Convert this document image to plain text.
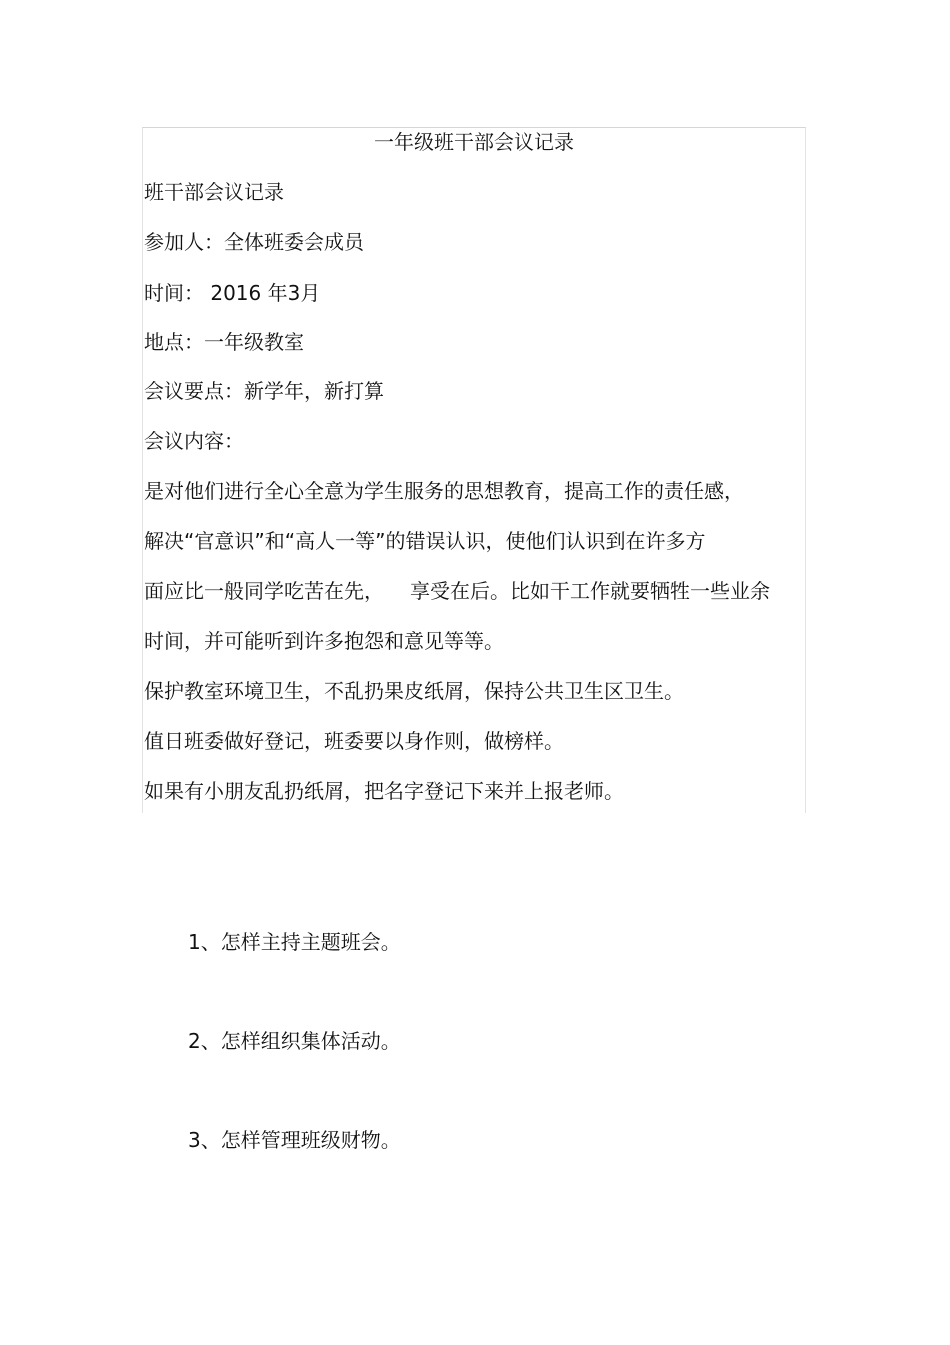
一年级班干部会议记录
班干部会议记录
参加人：全体班委会成员
时间： 2016 年3月
地点：一年级教室
会议要点：新学年，新打算
会议内容：
是对他们进行全心全意为学生服务的思想教育，提高工作的责任感，
解决“官意识”和“高人一等”的错误认识，使他们认识到在许多方
面应比一般同学吃苦在先， 享受在后。比如干工作就要牺牲一些业余
时间，并可能听到许多抱怨和意见等等。
保护教室环境卫生，不乱扔果皮纸屑，保持公共卫生区卫生。
值日班委做好登记，班委要以身作则，做榜样。
如果有小朋友乱扔纸屑，把名字登记下来并上报老师。
1、怎样主持主题班会。
2、怎样组织集体活动。
3、怎样管理班级财物。
